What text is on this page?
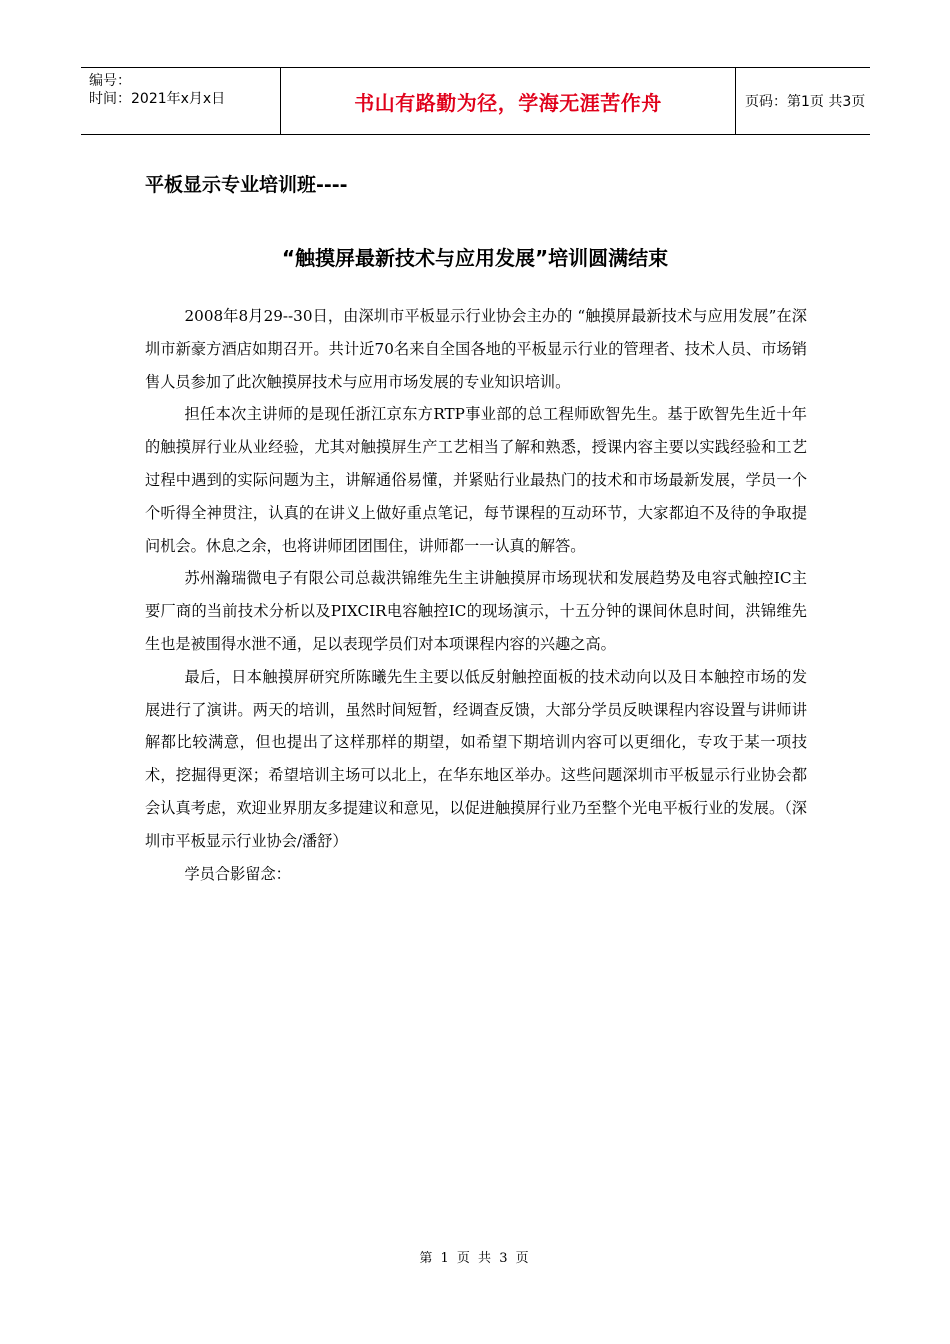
编号：
时间：2021年x月x日	书山有路勤为径，学海无涯苦作舟	页码：第1页 共3页
平板显示专业培训班----
“触摸屏最新技术与应用发展”培训圆满结束

2008年8月29--30日，由深圳市平板显示行业协会主办的 “触摸屏最新技术与应用发展”在深圳市新豪方酒店如期召开。共计近70名来自全国各地的平板显示行业的管理者、技术人员、市场销售人员参加了此次触摸屏技术与应用市场发展的专业知识培训。

担任本次主讲师的是现任浙江京东方RTP事业部的总工程师欧智先生。基于欧智先生近十年的触摸屏行业从业经验，尤其对触摸屏生产工艺相当了解和熟悉，授课内容主要以实践经验和工艺过程中遇到的实际问题为主，讲解通俗易懂，并紧贴行业最热门的技术和市场最新发展，学员一个个听得全神贯注，认真的在讲义上做好重点笔记，每节课程的互动环节，大家都迫不及待的争取提问机会。休息之余，也将讲师团团围住，讲师都一一认真的解答。

苏州瀚瑞微电子有限公司总裁洪锦维先生主讲触摸屏市场现状和发展趋势及电容式触控IC主要厂商的当前技术分析以及PIXCIR电容触控IC的现场演示，十五分钟的课间休息时间，洪锦维先生也是被围得水泄不通，足以表现学员们对本项课程内容的兴趣之高。

最后，日本触摸屏研究所陈曦先生主要以低反射触控面板的技术动向以及日本触控市场的发展进行了演讲。两天的培训，虽然时间短暂，经调查反馈，大部分学员反映课程内容设置与讲师讲解都比较满意，但也提出了这样那样的期望，如希望下期培训内容可以更细化，专攻于某一项技术，挖掘得更深；希望培训主场可以北上，在华东地区举办。这些问题深圳市平板显示行业协会都会认真考虑，欢迎业界朋友多提建议和意见，以促进触摸屏行业乃至整个光电平板行业的发展。（深圳市平板显示行业协会/潘舒）

学员合影留念：

第 1 页 共 3 页
